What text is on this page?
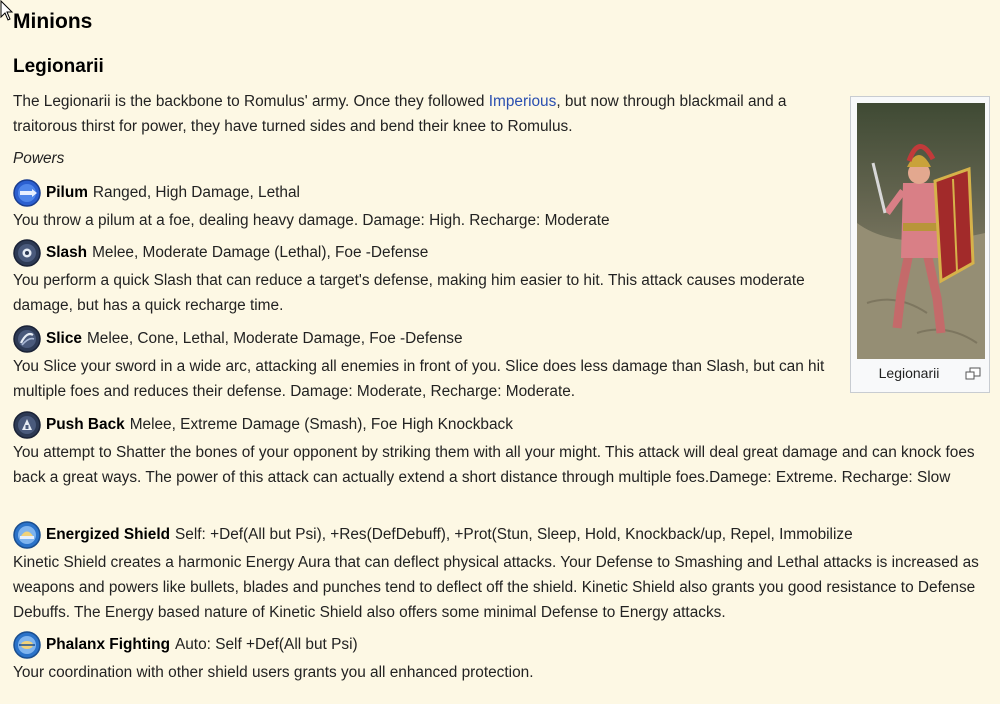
Minions
Legionarii

The Legionarii is the backbone to Romulus' army. Once they followed Imperious, but now through blackmail and a traitorous thirst for power, they have turned sides and bend their knee to Romulus.

Powers
Pilum Ranged, High Damage, Lethal

You throw a pilum at a foe, dealing heavy damage. Damage: High. Recharge: Moderate

Slash Melee, Moderate Damage (Lethal), Foe -Defense

You perform a quick Slash that can reduce a target's defense, making him easier to hit. This attack causes moderate damage, but has a quick recharge time.

Slice Melee, Cone, Lethal, Moderate Damage, Foe -Defense

You Slice your sword in a wide arc, attacking all enemies in front of you. Slice does less damage than Slash, but can hit multiple foes and reduces their defense. Damage: Moderate, Recharge: Moderate.

Push Back Melee, Extreme Damage (Smash), Foe High Knockback

You attempt to Shatter the bones of your opponent by striking them with all your might. This attack will deal great damage and can knock foes back a great ways. The power of this attack can actually extend a short distance through multiple foes.Damege: Extreme. Recharge: Slow

Energized Shield Self: +Def(All but Psi), +Res(DefDebuff), +Prot(Stun, Sleep, Hold, Knockback/up, Repel, Immobilize

Kinetic Shield creates a harmonic Energy Aura that can deflect physical attacks. Your Defense to Smashing and Lethal attacks is increased as weapons and powers like bullets, blades and punches tend to deflect off the shield. Kinetic Shield also grants you good resistance to Defense Debuffs. The Energy based nature of Kinetic Shield also offers some minimal Defense to Energy attacks.

Phalanx Fighting Auto: Self +Def(All but Psi)

Your coordination with other shield users grants you all enhanced protection.

Legionarii
